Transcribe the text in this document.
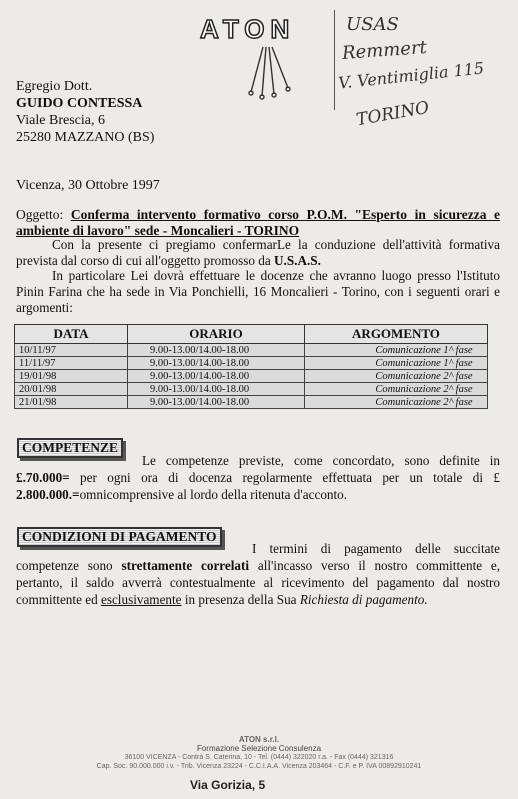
ATON	USAS
Remmert
V. Ventimiglia 115
TORINO
Egregio Dott.
GUIDO CONTESSA
Viale Brescia, 6
25280 MAZZANO (BS)
Vicenza, 30 Ottobre 1997
Oggetto: Conferma intervento formativo corso P.O.M. "Esperto in sicurezza e ambiente di lavoro" sede - Moncalieri - TORINO
Con la presente ci pregiamo confermarLe la conduzione dell'attività formativa prevista dal corso di cui all'oggetto promosso da U.S.A.S.
In particolare Lei dovrà effettuare le docenze che avranno luogo presso l'Istituto Pinin Farina che ha sede in Via Ponchielli, 16 Moncalieri - Torino, con i seguenti orari e argomenti:
DATA	ORARIO	ARGOMENTO
10/11/97	9.00-13.00/14.00-18.00	Comunicazione 1^ fase
11/11/97	9.00-13.00/14.00-18.00	Comunicazione 1^ fase
19/01/98	9.00-13.00/14.00-18.00	Comunicazione 2^ fase
20/01/98	9.00-13.00/14.00-18.00	Comunicazione 2^ fase
21/01/98	9.00-13.00/14.00-18.00	Comunicazione 2^ fase
COMPETENZE
Le competenze previste, come concordato, sono definite in £.70.000= per ogni ora di docenza regolarmente effettuata per un totale di £ 2.800.000.=omnicomprensive al lordo della ritenuta d'acconto.
CONDIZIONI DI PAGAMENTO
I termini di pagamento delle succitate competenze sono strettamente correlati all'incasso verso il nostro committente e, pertanto, il saldo avverrà contestualmente al ricevimento del pagamento dal nostro committente ed esclusivamente in presenza della Sua Richiesta di pagamento.
ATON s.r.l.
Formazione Selezione Consulenza
36100 VICENZA - Contrà S. Caterina, 10 - Tel. (0444) 322020 r.a. - Fax (0444) 321316
Cap. Soc. 90.000.000 i.v. - Trib. Vicenza 23224 - C.C.I.A.A. Vicenza 203464 - C.F. e P. IVA 00892910241
Via Gorizia, 5
